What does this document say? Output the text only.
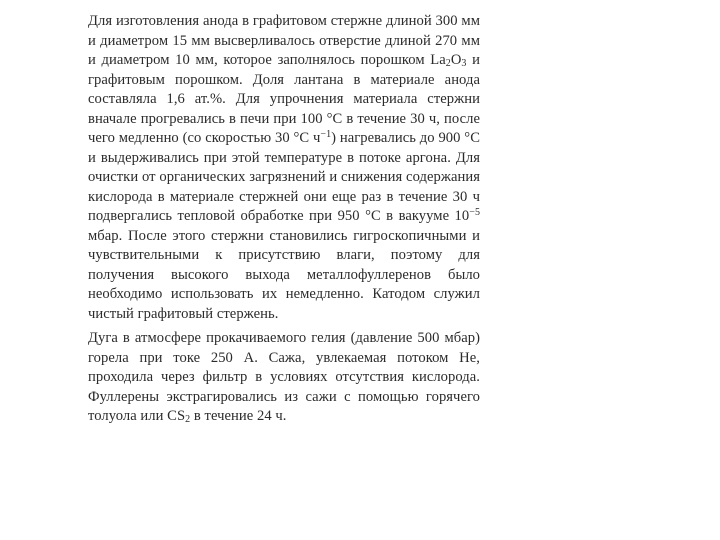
Для изготовления анода в графитовом стержне длиной 300 мм и диаметром 15 мм высверливалось отверстие длиной 270 мм и диаметром 10 мм, которое заполнялось порошком $La_2O_3$ и графитовым порошком. Доля лантана в материале анода составляла 1,6 ат.%. Для упрочнения материала стержни вначале прогревались в печи при 100 °С в течение 30 ч, после чего медленно (со скоростью 30 °С $ч^{-1}$) нагревались до 900 °С и выдерживались при этой температуре в потоке аргона. Для очистки от органических загрязнений и снижения содержания кислорода в материале стержней они еще раз в течение 30 ч подвергались тепловой обработке при 950 °С в вакууме $10^{-5}$ мбар. После этого стержни становились гигроскопичными и чувствительными к присутствию влаги, поэтому для получения высокого выхода металлофуллеренов было необходимо использовать их немедленно. Катодом служил чистый графитовый стержень.

Дуга в атмосфере прокачиваемого гелия (давление 500 мбар) горела при токе 250 А. Сажа, увлекаемая потоком Не, проходила через фильтр в условиях отсутствия кислорода. Фуллерены экстрагировались из сажи с помощью горячего толуола или $CS_2$ в течение 24 ч.
